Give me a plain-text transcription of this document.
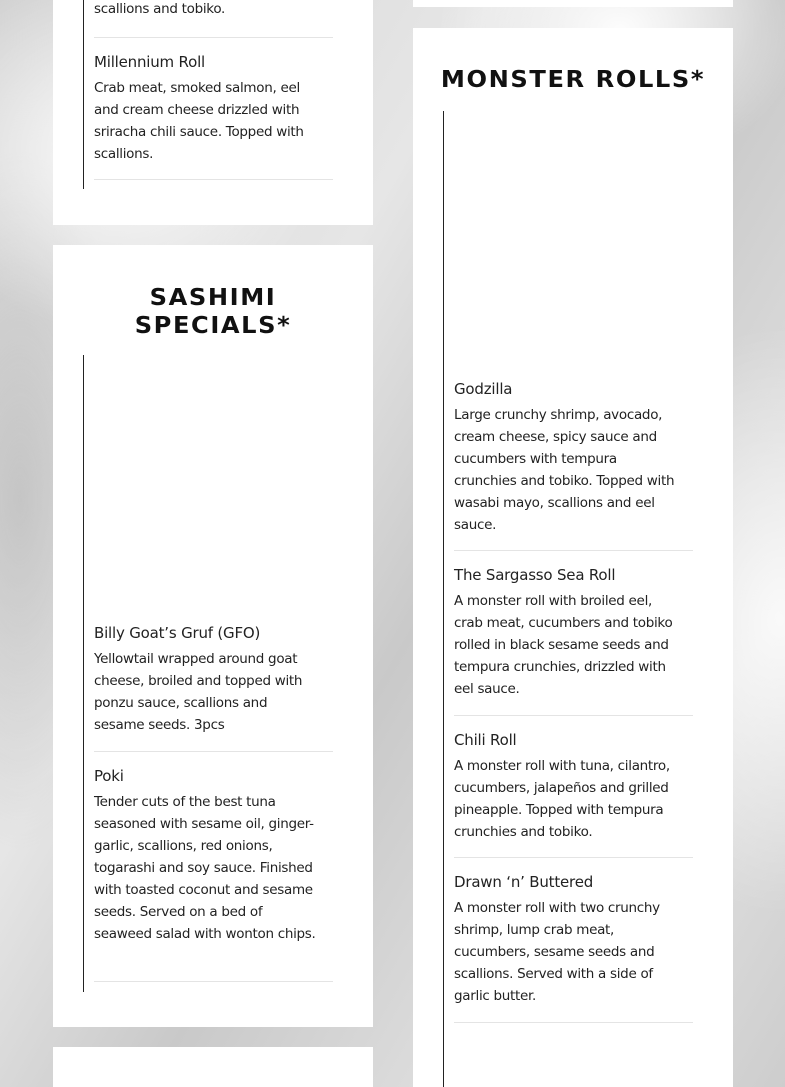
scallions and tobiko.

Millennium Roll

Crab meat, smoked salmon, eel and cream cheese drizzled with sriracha chili sauce. Topped with scallions.

SASHIMI SPECIALS*

Billy Goat’s Gruf (GFO)

Yellowtail wrapped around goat cheese, broiled and topped with ponzu sauce, scallions and sesame seeds. 3pcs

Poki

Tender cuts of the best tuna seasoned with sesame oil, ginger-garlic, scallions, red onions, togarashi and soy sauce. Finished with toasted coconut and sesame seeds. Served on a bed of seaweed salad with wonton chips.

MONSTER ROLLS*

Godzilla

Large crunchy shrimp, avocado, cream cheese, spicy sauce and cucumbers with tempura crunchies and tobiko. Topped with wasabi mayo, scallions and eel sauce.

The Sargasso Sea Roll

A monster roll with broiled eel, crab meat, cucumbers and tobiko rolled in black sesame seeds and tempura crunchies, drizzled with eel sauce.

Chili Roll

A monster roll with tuna, cilantro, cucumbers, jalapeños and grilled pineapple. Topped with tempura crunchies and tobiko.

Drawn ‘n’ Buttered

A monster roll with two crunchy shrimp, lump crab meat, cucumbers, sesame seeds and scallions. Served with a side of garlic butter.
